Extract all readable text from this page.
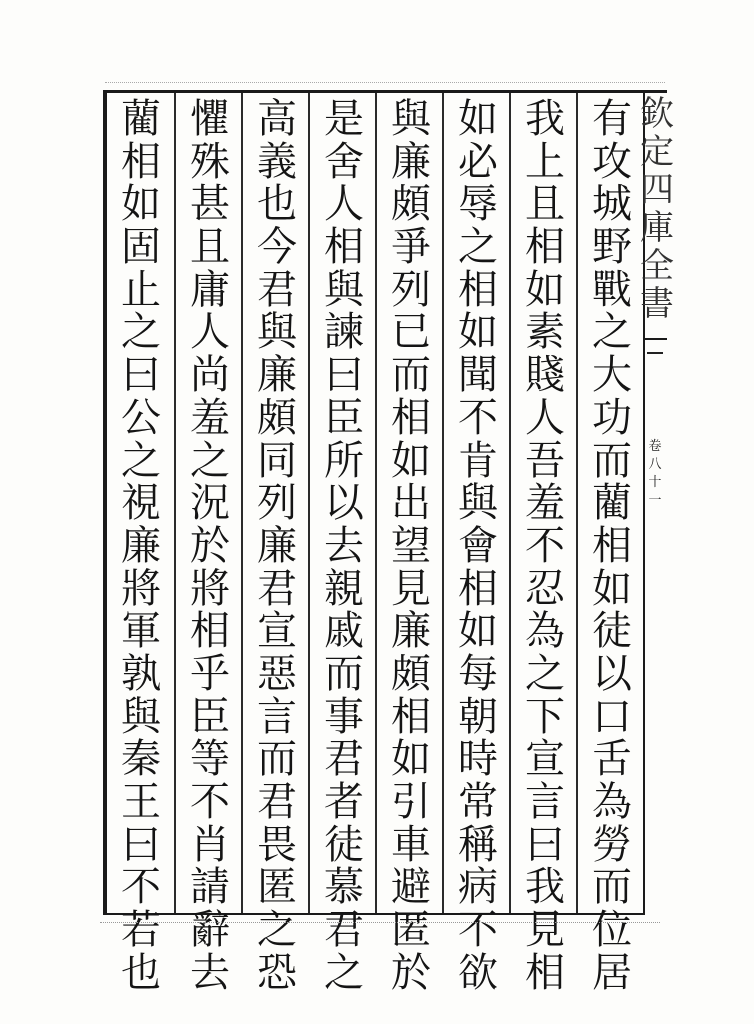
有
攻
城
野
戰
之
大
功
而
藺
相
如
徒
以
口
舌
為
勞
而
位
居
我
上
且
相
如
素
賤
人
吾
羞
不
忍
為
之
下
宣
言
曰
我
見
相
如
必
辱
之
相
如
聞
不
肯
與
會
相
如
每
朝
時
常
稱
病
不
欲
與
廉
頗
爭
列
已
而
相
如
出
望
見
廉
頗
相
如
引
車
避
匿
於
是
舍
人
相
與
諫
曰
臣
所
以
去
親
戚
而
事
君
者
徒
慕
君
之
高
義
也
今
君
與
廉
頗
同
列
廉
君
宣
惡
言
而
君
畏
匿
之
恐
懼
殊
甚
且
庸
人
尚
羞
之
況
於
將
相
乎
臣
等
不
肖
請
辭
去
藺
相
如
固
止
之
曰
公
之
視
廉
將
軍
孰
與
秦
王
曰
不
若
也
欽
定
四
庫
全
書
卷
八
十
一
